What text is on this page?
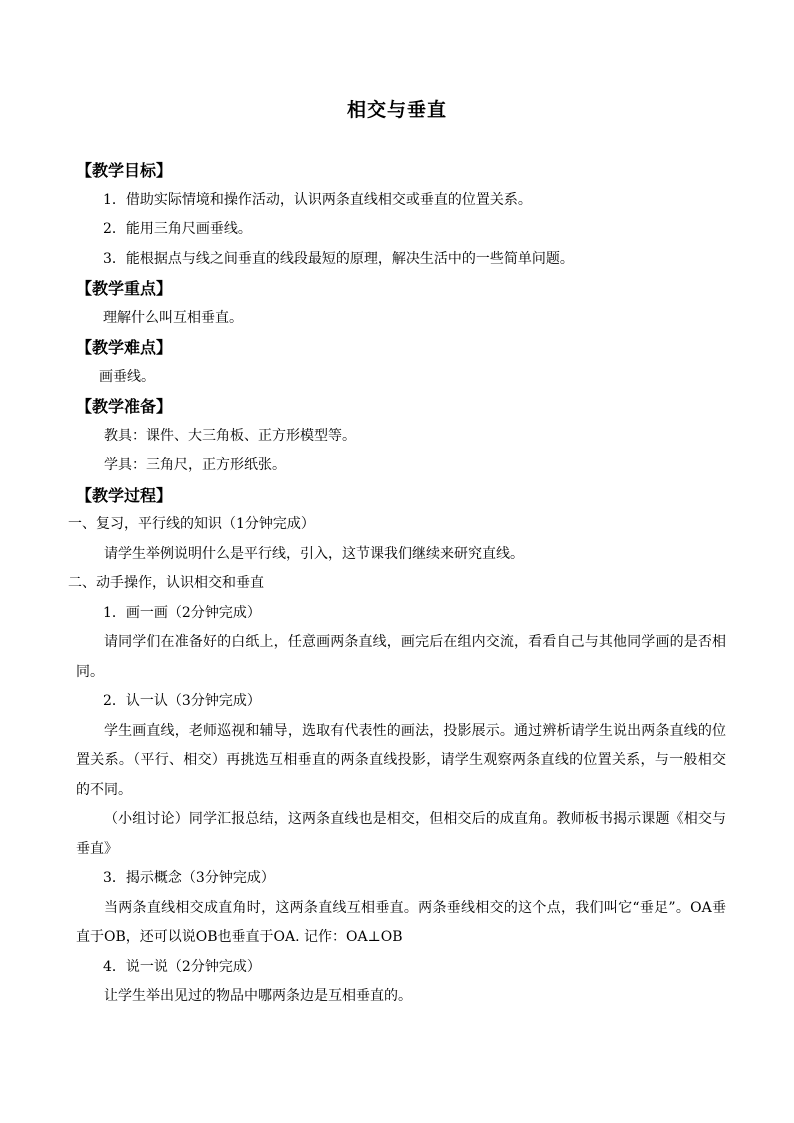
相交与垂直
【教学目标】
1．借助实际情境和操作活动，认识两条直线相交或垂直的位置关系。
2．能用三角尺画垂线。
3．能根据点与线之间垂直的线段最短的原理，解决生活中的一些简单问题。
【教学重点】
理解什么叫互相垂直。
【教学难点】
画垂线。
【教学准备】
教具：课件、大三角板、正方形模型等。
学具：三角尺，正方形纸张。
【教学过程】
一、复习，平行线的知识（1分钟完成）
请学生举例说明什么是平行线，引入，这节课我们继续来研究直线。
二、动手操作，认识相交和垂直
1．画一画（2分钟完成）
请同学们在准备好的白纸上，任意画两条直线，画完后在组内交流，看看自己与其他同学画的是否相同。
2．认一认（3分钟完成）
学生画直线，老师巡视和辅导，选取有代表性的画法，投影展示。通过辨析请学生说出两条直线的位置关系。（平行、相交）再挑选互相垂直的两条直线投影，请学生观察两条直线的位置关系，与一般相交的不同。
（小组讨论）同学汇报总结，这两条直线也是相交，但相交后的成直角。教师板书揭示课题《相交与垂直》
3．揭示概念（3分钟完成）
当两条直线相交成直角时，这两条直线互相垂直。两条垂线相交的这个点，我们叫它“垂足”。OA垂直于OB，还可以说OB也垂直于OA. 记作：OA⊥OB
4．说一说（2分钟完成）
让学生举出见过的物品中哪两条边是互相垂直的。
